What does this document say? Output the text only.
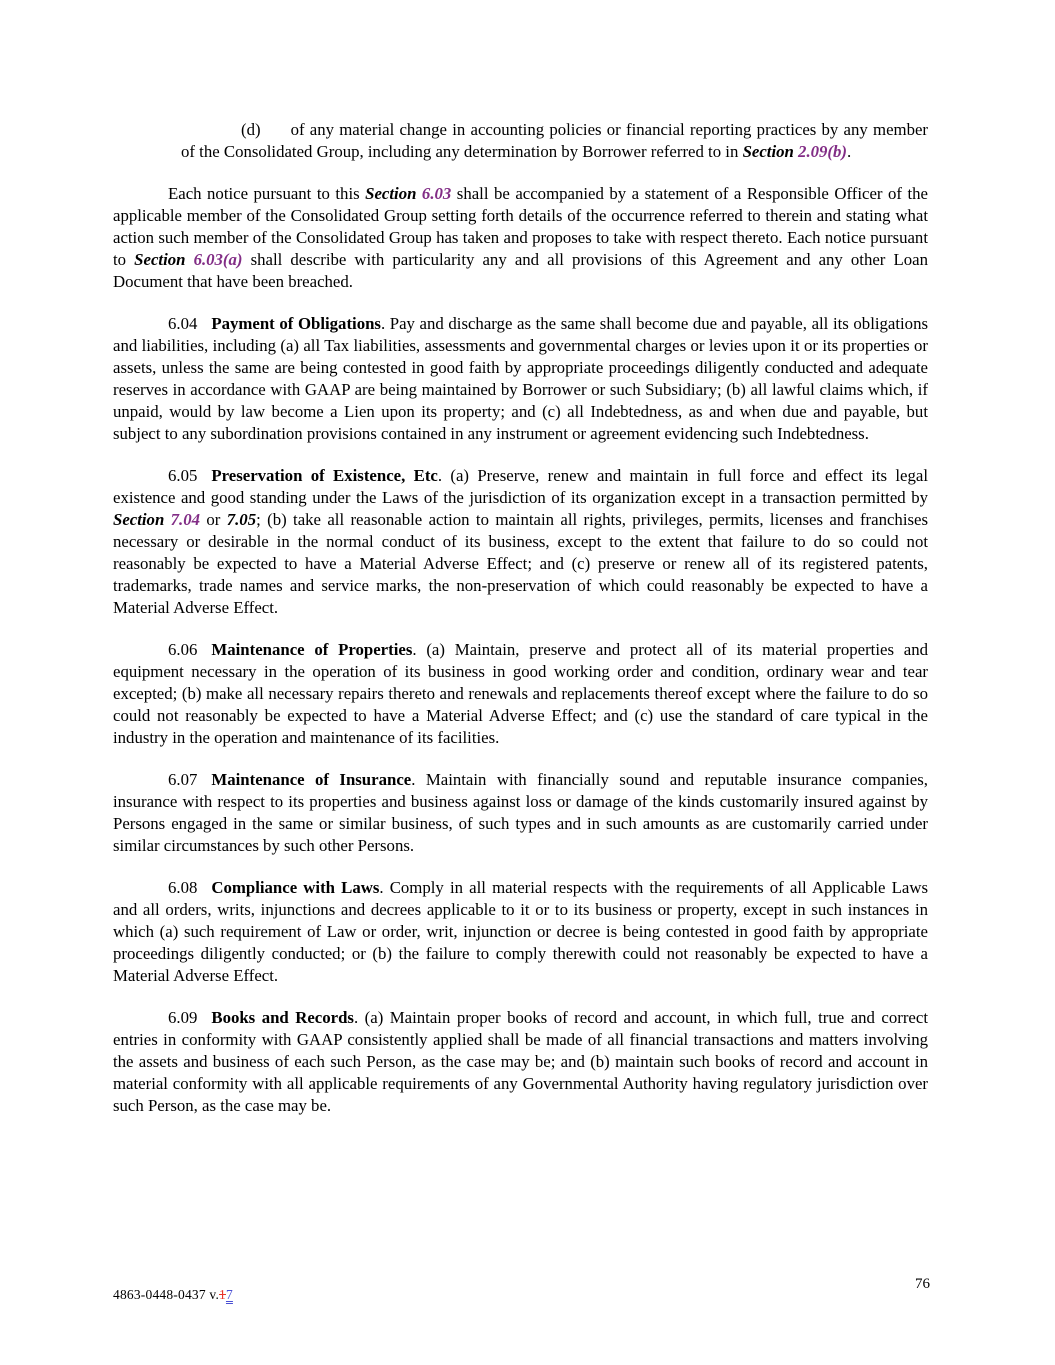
(d) of any material change in accounting policies or financial reporting practices by any member of the Consolidated Group, including any determination by Borrower referred to in Section 2.09(b).

Each notice pursuant to this Section 6.03 shall be accompanied by a statement of a Responsible Officer of the applicable member of the Consolidated Group setting forth details of the occurrence referred to therein and stating what action such member of the Consolidated Group has taken and proposes to take with respect thereto. Each notice pursuant to Section 6.03(a) shall describe with particularity any and all provisions of this Agreement and any other Loan Document that have been breached.

6.04 Payment of Obligations. Pay and discharge as the same shall become due and payable, all its obligations and liabilities, including (a) all Tax liabilities, assessments and governmental charges or levies upon it or its properties or assets, unless the same are being contested in good faith by appropriate proceedings diligently conducted and adequate reserves in accordance with GAAP are being maintained by Borrower or such Subsidiary; (b) all lawful claims which, if unpaid, would by law become a Lien upon its property; and (c) all Indebtedness, as and when due and payable, but subject to any subordination provisions contained in any instrument or agreement evidencing such Indebtedness.

6.05 Preservation of Existence, Etc. (a) Preserve, renew and maintain in full force and effect its legal existence and good standing under the Laws of the jurisdiction of its organization except in a transaction permitted by Section 7.04 or 7.05; (b) take all reasonable action to maintain all rights, privileges, permits, licenses and franchises necessary or desirable in the normal conduct of its business, except to the extent that failure to do so could not reasonably be expected to have a Material Adverse Effect; and (c) preserve or renew all of its registered patents, trademarks, trade names and service marks, the non-preservation of which could reasonably be expected to have a Material Adverse Effect.

6.06 Maintenance of Properties. (a) Maintain, preserve and protect all of its material properties and equipment necessary in the operation of its business in good working order and condition, ordinary wear and tear excepted; (b) make all necessary repairs thereto and renewals and replacements thereof except where the failure to do so could not reasonably be expected to have a Material Adverse Effect; and (c) use the standard of care typical in the industry in the operation and maintenance of its facilities.

6.07 Maintenance of Insurance. Maintain with financially sound and reputable insurance companies, insurance with respect to its properties and business against loss or damage of the kinds customarily insured against by Persons engaged in the same or similar business, of such types and in such amounts as are customarily carried under similar circumstances by such other Persons.

6.08 Compliance with Laws. Comply in all material respects with the requirements of all Applicable Laws and all orders, writs, injunctions and decrees applicable to it or to its business or property, except in such instances in which (a) such requirement of Law or order, writ, injunction or decree is being contested in good faith by appropriate proceedings diligently conducted; or (b) the failure to comply therewith could not reasonably be expected to have a Material Adverse Effect.

6.09 Books and Records. (a) Maintain proper books of record and account, in which full, true and correct entries in conformity with GAAP consistently applied shall be made of all financial transactions and matters involving the assets and business of each such Person, as the case may be; and (b) maintain such books of record and account in material conformity with all applicable requirements of any Governmental Authority having regulatory jurisdiction over such Person, as the case may be.

4863-0448-0437 v.17
76
